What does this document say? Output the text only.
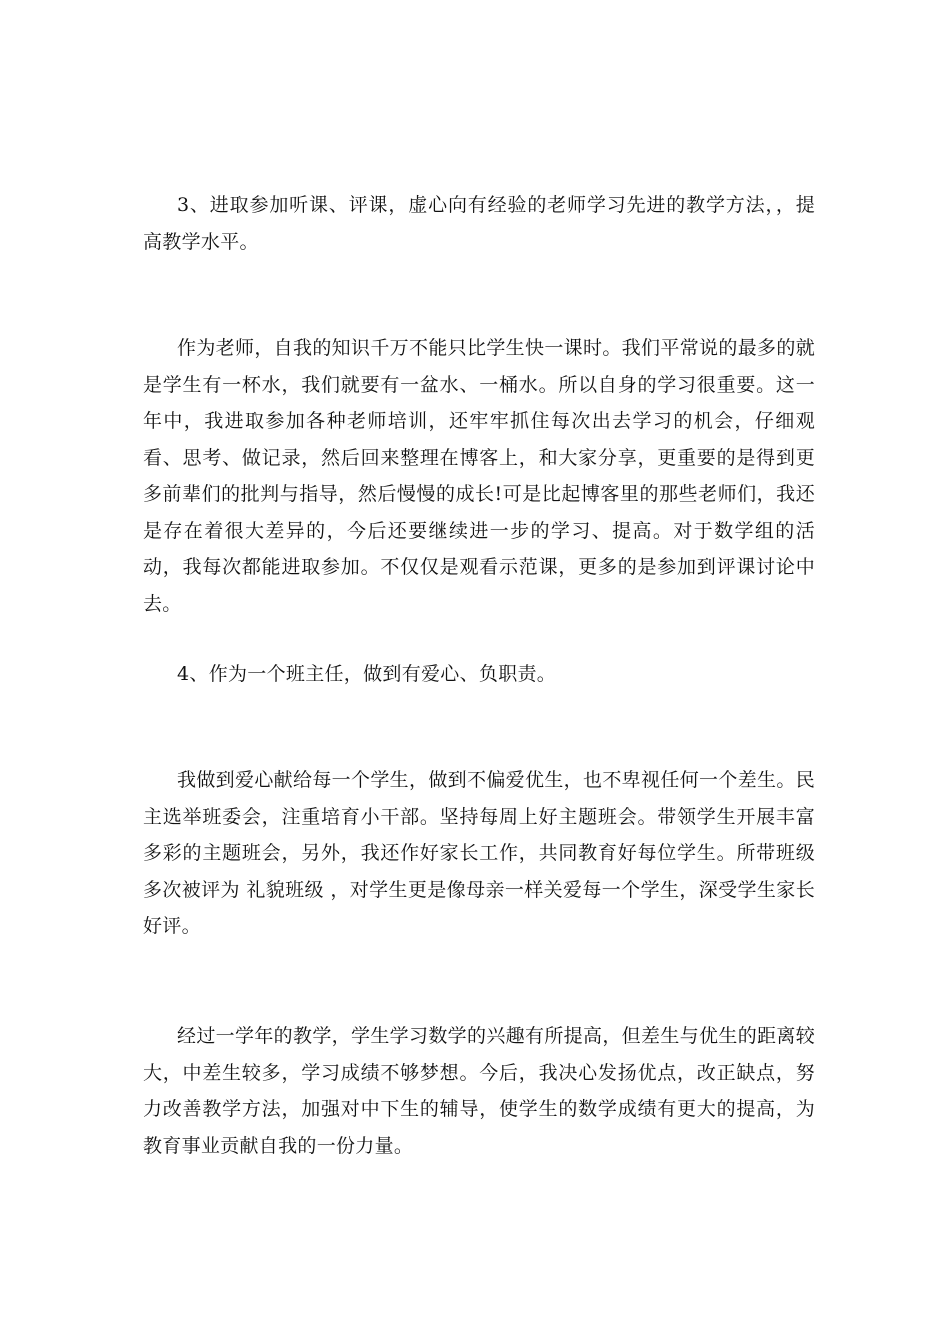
3、进取参加听课、评课，虚心向有经验的老师学习先进的教学方法，，提高教学水平。

作为老师，自我的知识千万不能只比学生快一课时。我们平常说的最多的就是学生有一杯水，我们就要有一盆水、一桶水。所以自身的学习很重要。这一年中，我进取参加各种老师培训，还牢牢抓住每次出去学习的机会，仔细观看、思考、做记录，然后回来整理在博客上，和大家分享，更重要的是得到更多前辈们的批判与指导，然后慢慢的成长!可是比起博客里的那些老师们，我还是存在着很大差异的，今后还要继续进一步的学习、提高。对于数学组的活动，我每次都能进取参加。不仅仅是观看示范课，更多的是参加到评课讨论中去。

4、作为一个班主任，做到有爱心、负职责。

我做到爱心献给每一个学生，做到不偏爱优生，也不卑视任何一个差生。民主选举班委会，注重培育小干部。坚持每周上好主题班会。带领学生开展丰富多彩的主题班会，另外，我还作好家长工作，共同教育好每位学生。所带班级多次被评为 礼貌班级 ，对学生更是像母亲一样关爱每一个学生，深受学生家长好评。

经过一学年的教学，学生学习数学的兴趣有所提高，但差生与优生的距离较大，中差生较多，学习成绩不够梦想。今后，我决心发扬优点，改正缺点，努力改善教学方法，加强对中下生的辅导，使学生的数学成绩有更大的提高，为教育事业贡献自我的一份力量。
